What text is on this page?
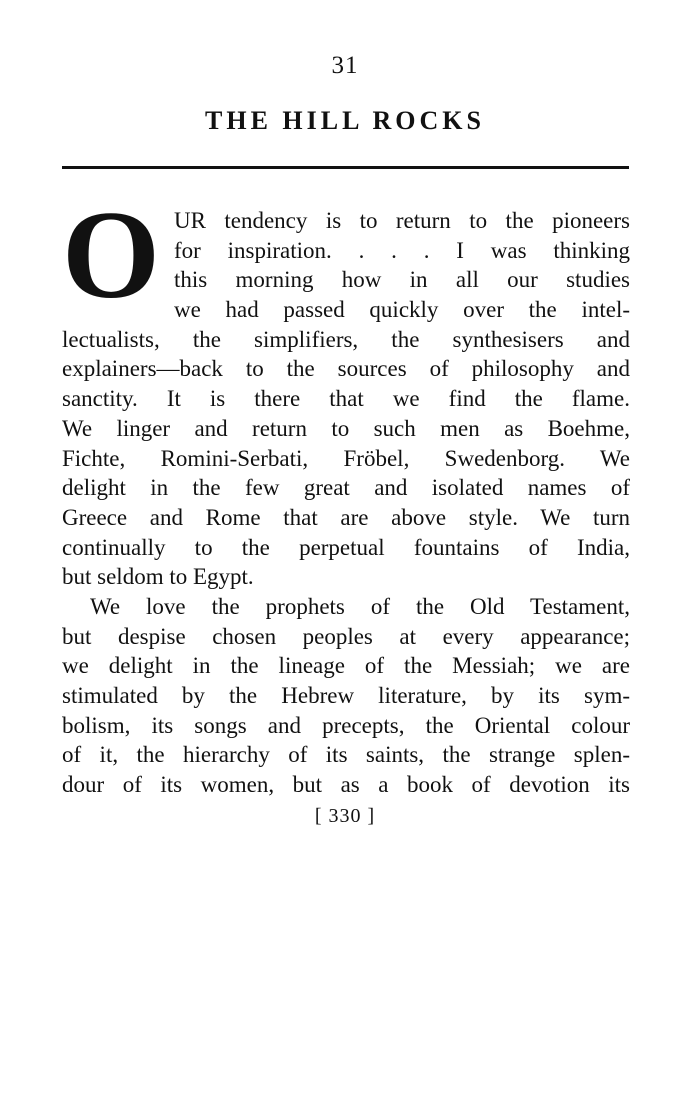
31
THE HILL ROCKS
O UR tendency is to return to the pioneers
for inspiration. . . . I was thinking
this morning how in all our studies
we had passed quickly over the intel-
lectualists, the simplifiers, the synthesisers and
explainers—back to the sources of philosophy and
sanctity. It is there that we find the flame.
We linger and return to such men as Boehme,
Fichte, Romini-Serbati, Fröbel, Swedenborg. We
delight in the few great and isolated names of
Greece and Rome that are above style. We turn
continually to the perpetual fountains of India,
but seldom to Egypt.
We love the prophets of the Old Testament,
but despise chosen peoples at every appearance;
we delight in the lineage of the Messiah; we are
stimulated by the Hebrew literature, by its sym-
bolism, its songs and precepts, the Oriental colour
of it, the hierarchy of its saints, the strange splen-
dour of its women, but as a book of devotion its
[ 330 ]
